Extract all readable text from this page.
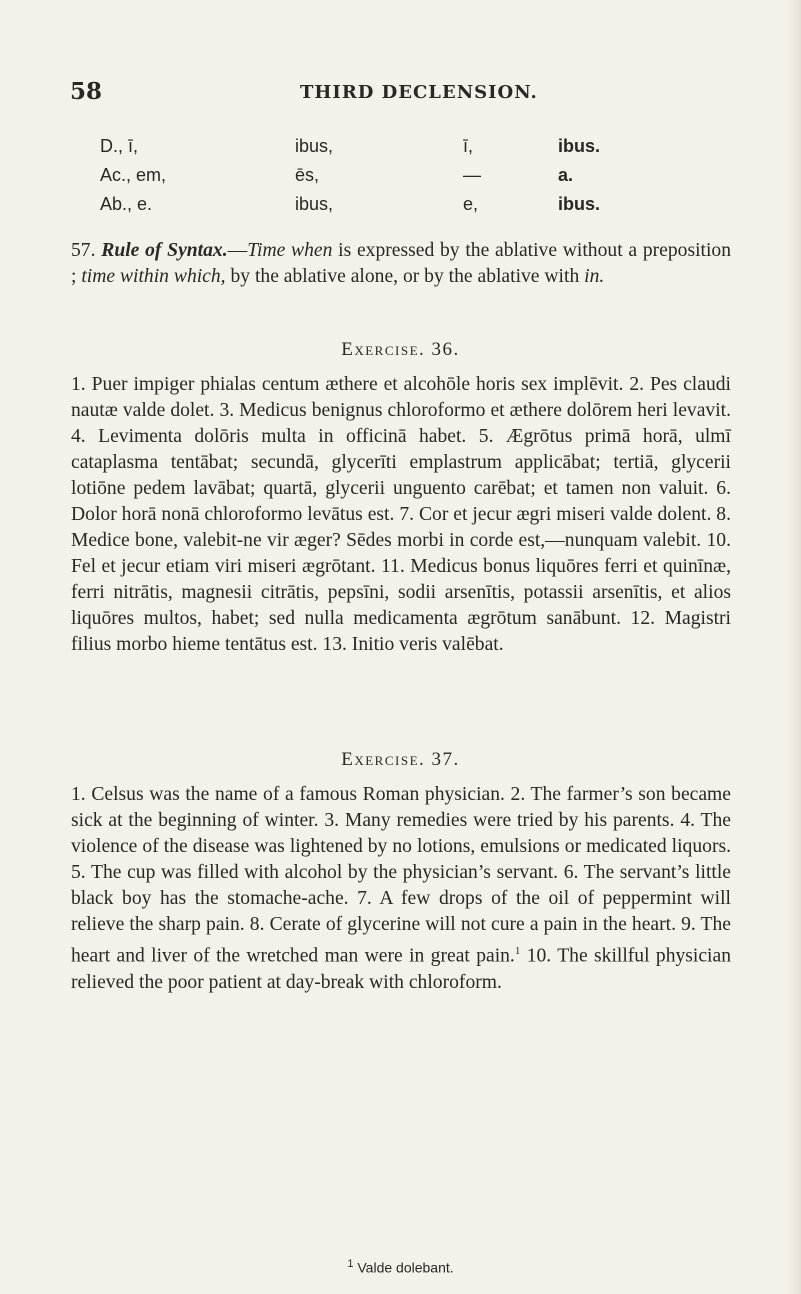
58	THIRD DECLENSION.
D., ī,	ibus,	ī,	ibus.
Ac., em,	ēs,	—	a.
Ab., e.	ibus,	e,	ibus.

57. Rule of Syntax.—Time when is expressed by the ablative without a preposition ; time within which, by the ablative alone, or by the ablative with in.

Exercise. 36.

1. Puer impiger phialas centum æthere et alcohōle horis sex implēvit. 2. Pes claudi nautæ valde dolet. 3. Medicus benignus chloroformo et æthere dolōrem heri levavit. 4. Levimenta dolōris multa in officinā habet. 5. Ægrōtus primā horā, ulmī cataplasma tentābat; secundā, glycerīti emplastrum applicābat; tertiā, glycerii lotiōne pedem lavābat; quartā, glycerii unguento carēbat; et tamen non valuit. 6. Dolor horā nonā chloroformo levātus est. 7. Cor et jecur ægri miseri valde dolent. 8. Medice bone, valebit-ne vir æger? Sēdes morbi in corde est,—nunquam valebit. 10. Fel et jecur etiam viri miseri ægrōtant. 11. Medicus bonus liquōres ferri et quinīnæ, ferri nitrātis, magnesii citrātis, pepsīni, sodii arsenītis, potassii arsenītis, et alios liquōres multos, habet; sed nulla medicamenta ægrōtum sanābunt. 12. Magistri filius morbo hieme tentātus est. 13. Initio veris valēbat.

Exercise. 37.

1. Celsus was the name of a famous Roman physician. 2. The farmer’s son became sick at the beginning of winter. 3. Many remedies were tried by his parents. 4. The violence of the disease was lightened by no lotions, emulsions or medicated liquors. 5. The cup was filled with alcohol by the physician’s servant. 6. The servant’s little black boy has the stomache-ache. 7. A few drops of the oil of peppermint will relieve the sharp pain. 8. Cerate of glycerine will not cure a pain in the heart. 9. The heart and liver of the wretched man were in great pain.$^1$ 10. The skillful physician relieved the poor patient at day-break with chloroform.

$^1$ Valde dolebant.
